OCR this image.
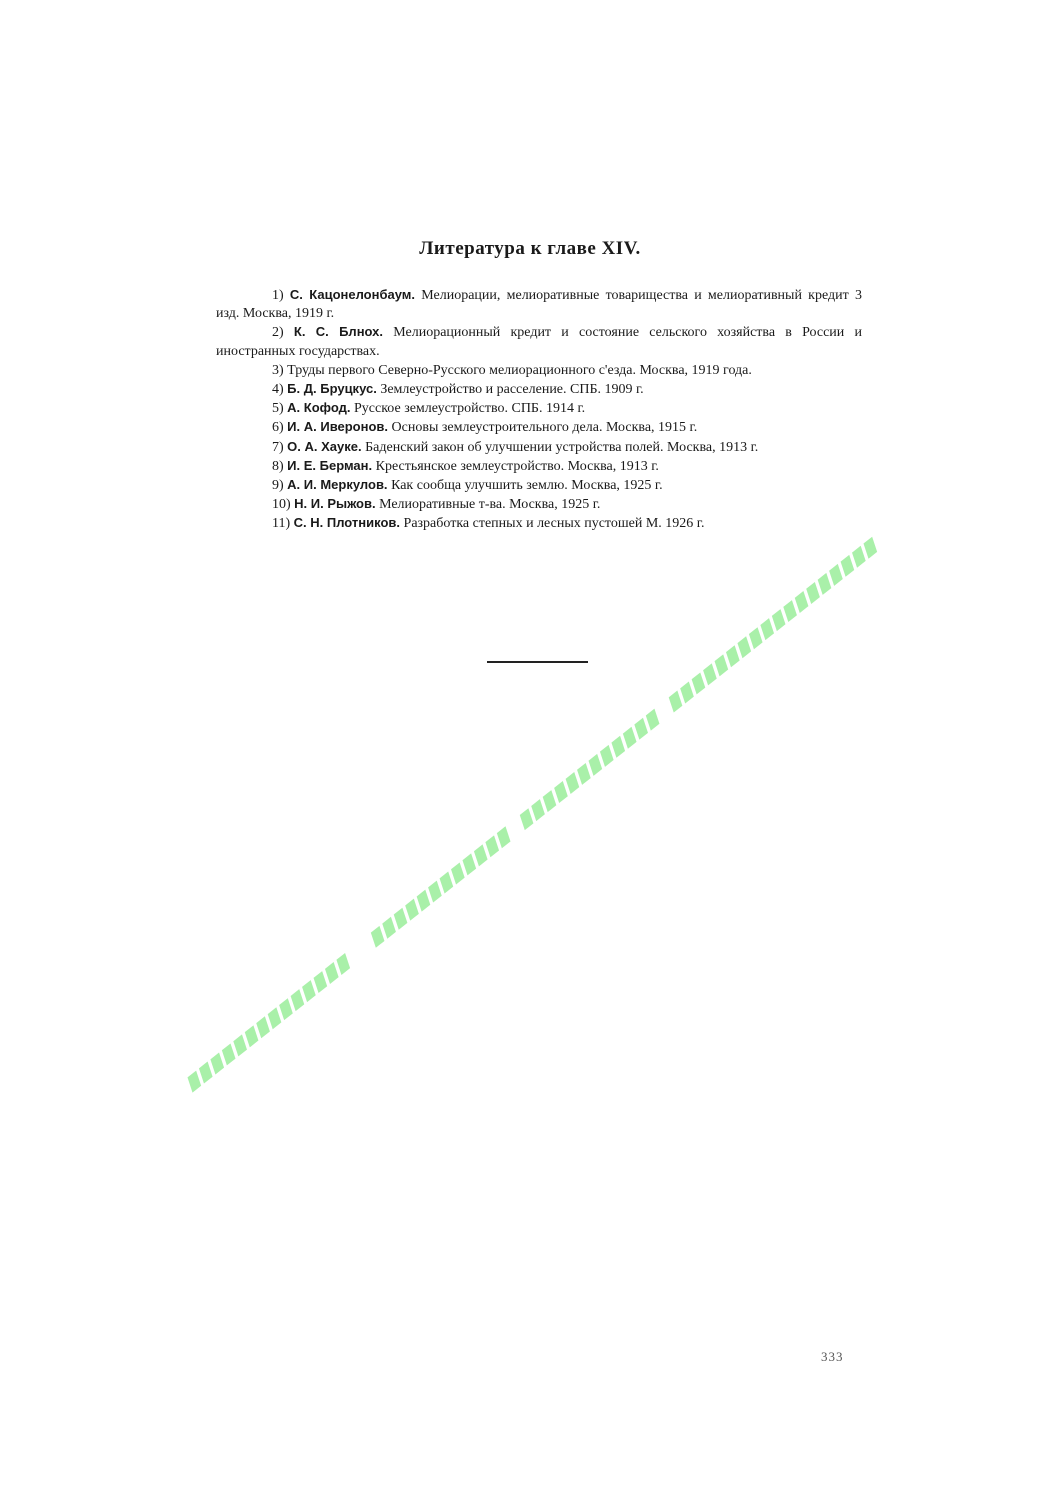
Литература к главе XIV.

1) С. Кацонелонбаум. Мелиорации, мелиоративные товарищества и мелиоративный кредит 3 изд. Москва, 1919 г.

2) К. С. Блнох. Мелиорационный кредит и состояние сельского хозяйства в России и иностранных государствах.

3) Труды первого Северно-Русского мелиорационного с'езда. Москва, 1919 года.

4) Б. Д. Бруцкус. Землеустройство и расселение. СПБ. 1909 г.

5) А. Кофод. Русское землеустройство. СПБ. 1914 г.

6) И. А. Иверонов. Основы землеустроительного дела. Москва, 1915 г.

7) О. А. Хауке. Баденский закон об улучшении устройства полей. Москва, 1913 г.

8) И. Е. Берман. Крестьянское землеустройство. Москва, 1913 г.

9) А. И. Меркулов. Как сообща улучшить землю. Москва, 1925 г.

10) Н. И. Рыжов. Мелиоративные т-ва. Москва, 1925 г.

11) С. Н. Плотников. Разработка степных и лесных пустошей М. 1926 г.

333
